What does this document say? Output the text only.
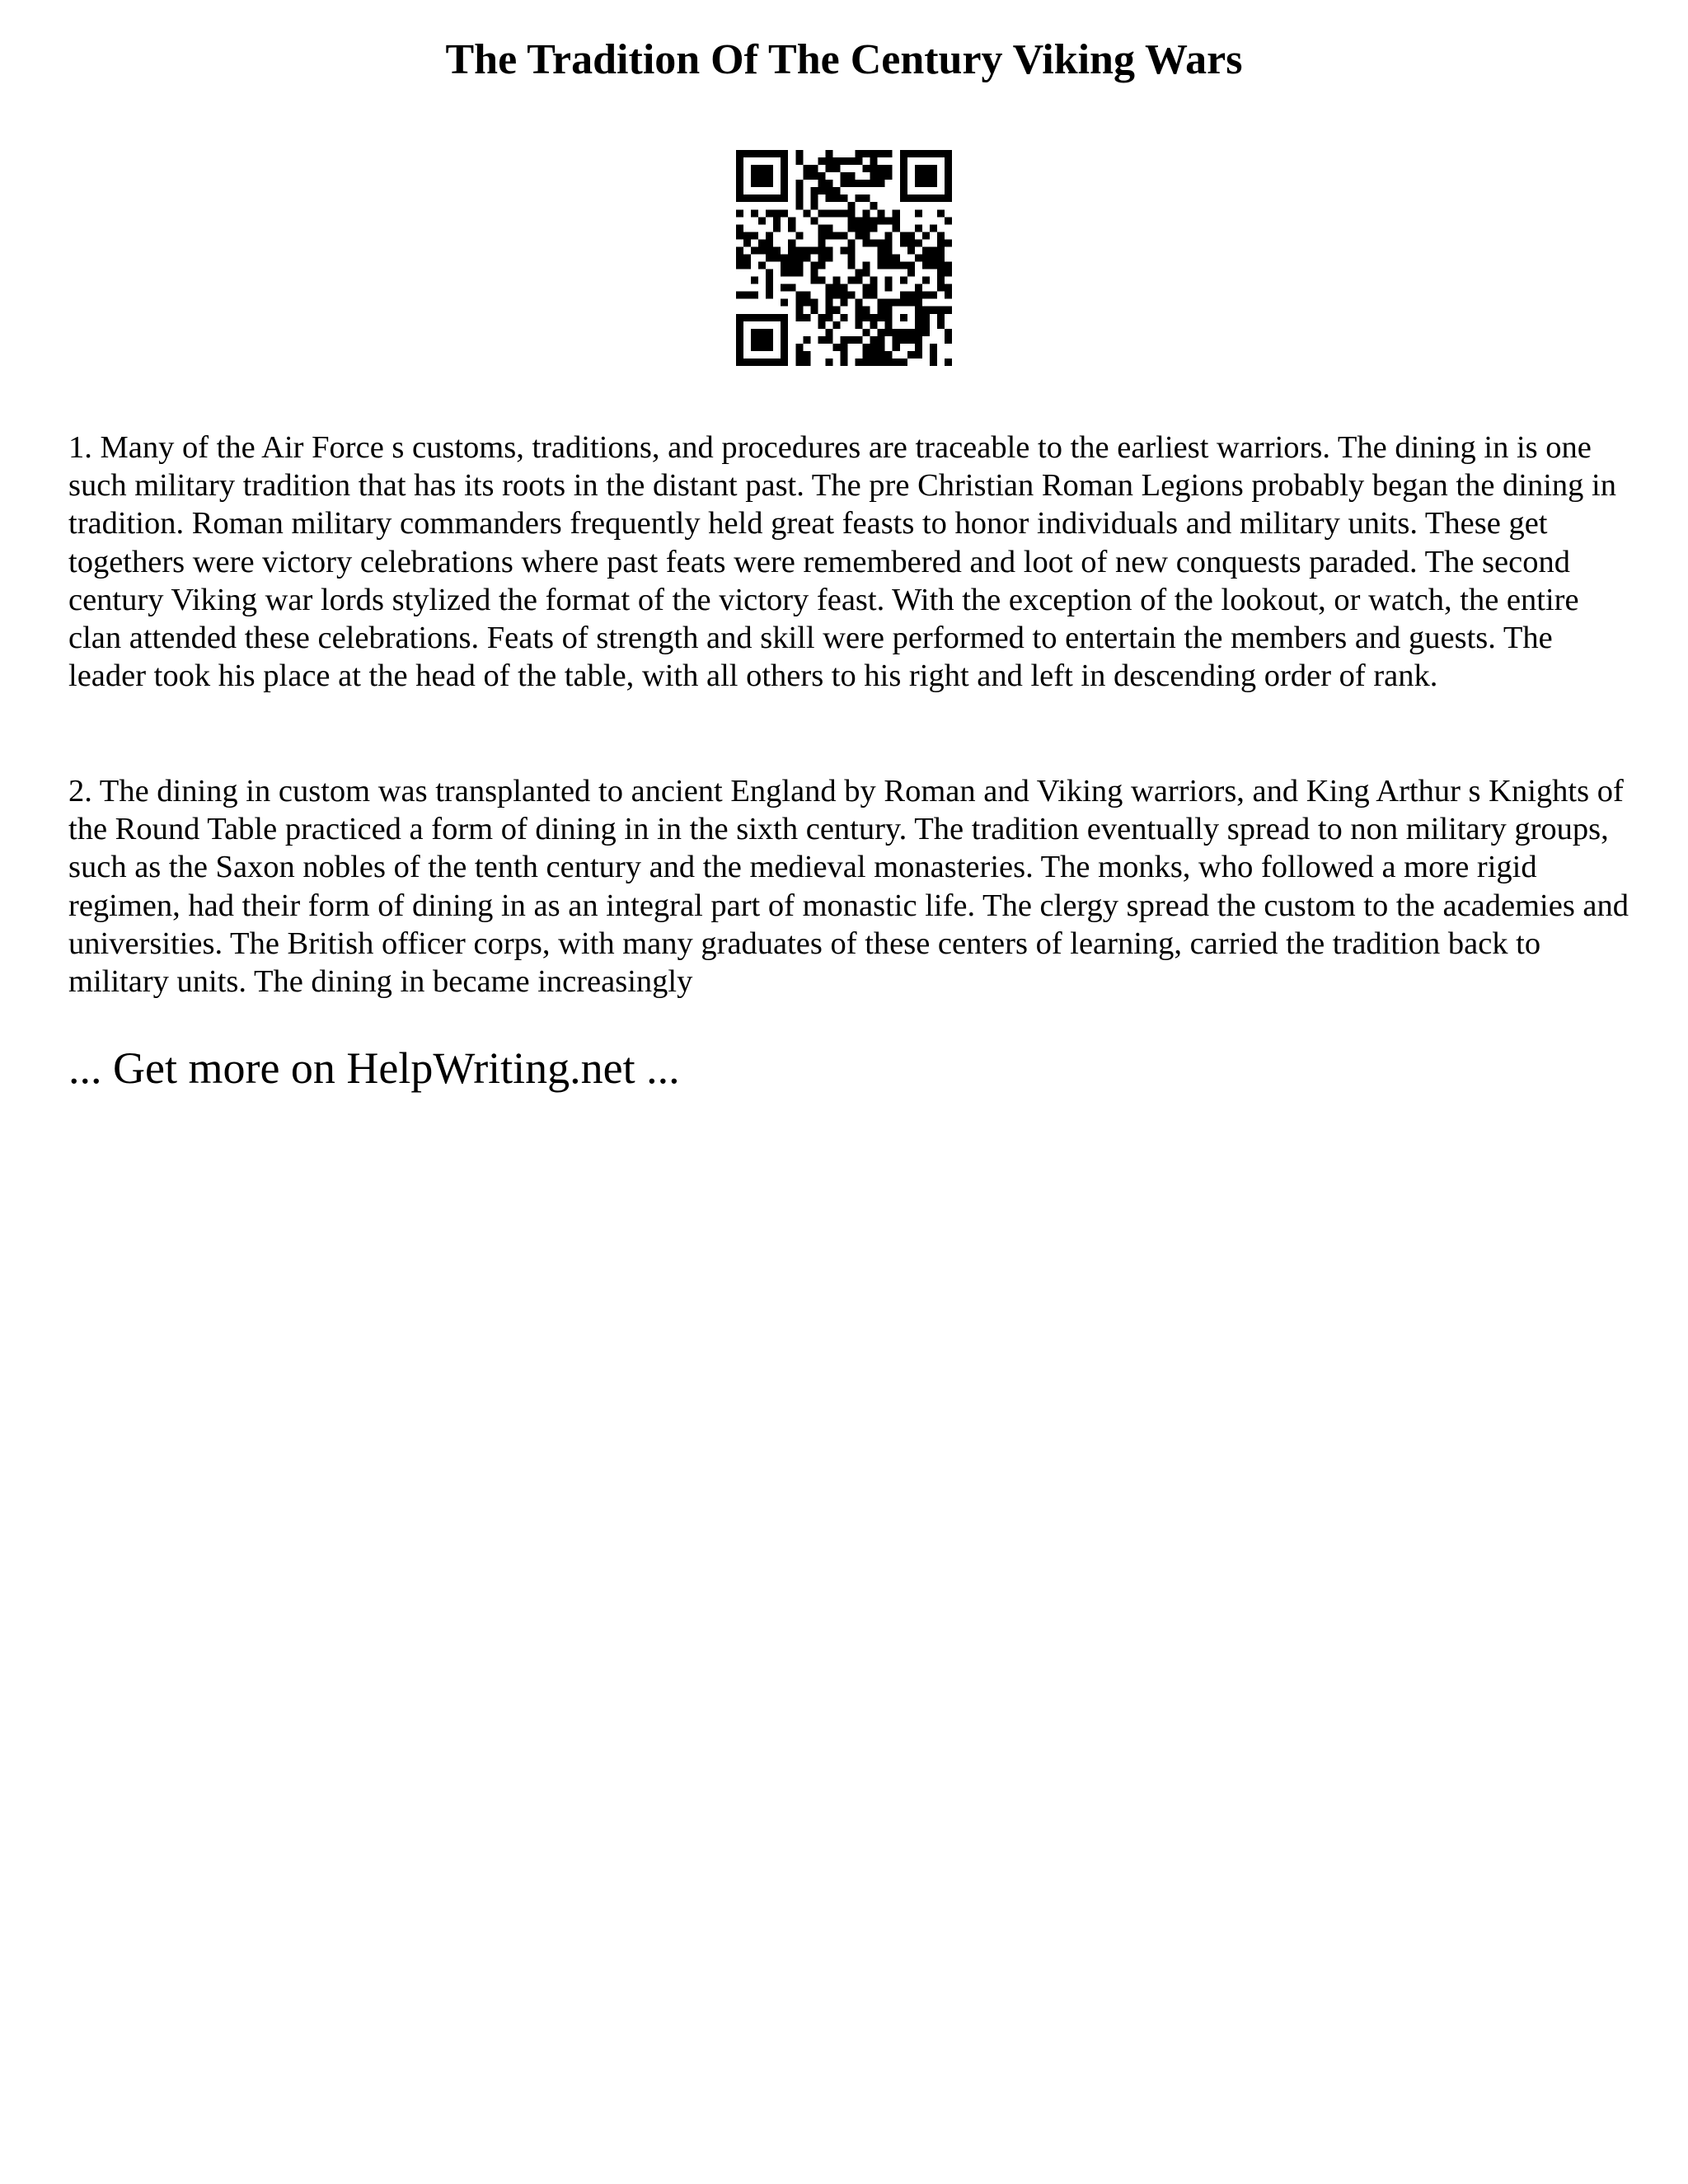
The Tradition Of The Century Viking Wars

1. Many of the Air Force s customs, traditions, and procedures are traceable to the earliest warriors. The dining in is one such military tradition that has its roots in the distant past. The pre Christian Roman Legions probably began the dining in tradition. Roman military commanders frequently held great feasts to honor individuals and military units. These get togethers were victory celebrations where past feats were remembered and loot of new conquests paraded. The second century Viking war lords stylized the format of the victory feast. With the exception of the lookout, or watch, the entire clan attended these celebrations. Feats of strength and skill were performed to entertain the members and guests. The leader took his place at the head of the table, with all others to his right and left in descending order of rank.

2. The dining in custom was transplanted to ancient England by Roman and Viking warriors, and King Arthur s Knights of the Round Table practiced a form of dining in in the sixth century. The tradition eventually spread to non military groups, such as the Saxon nobles of the tenth century and the medieval monasteries. The monks, who followed a more rigid regimen, had their form of dining in as an integral part of monastic life. The clergy spread the custom to the academies and universities. The British officer corps, with many graduates of these centers of learning, carried the tradition back to military units. The dining in became increasingly

... Get more on HelpWriting.net ...
